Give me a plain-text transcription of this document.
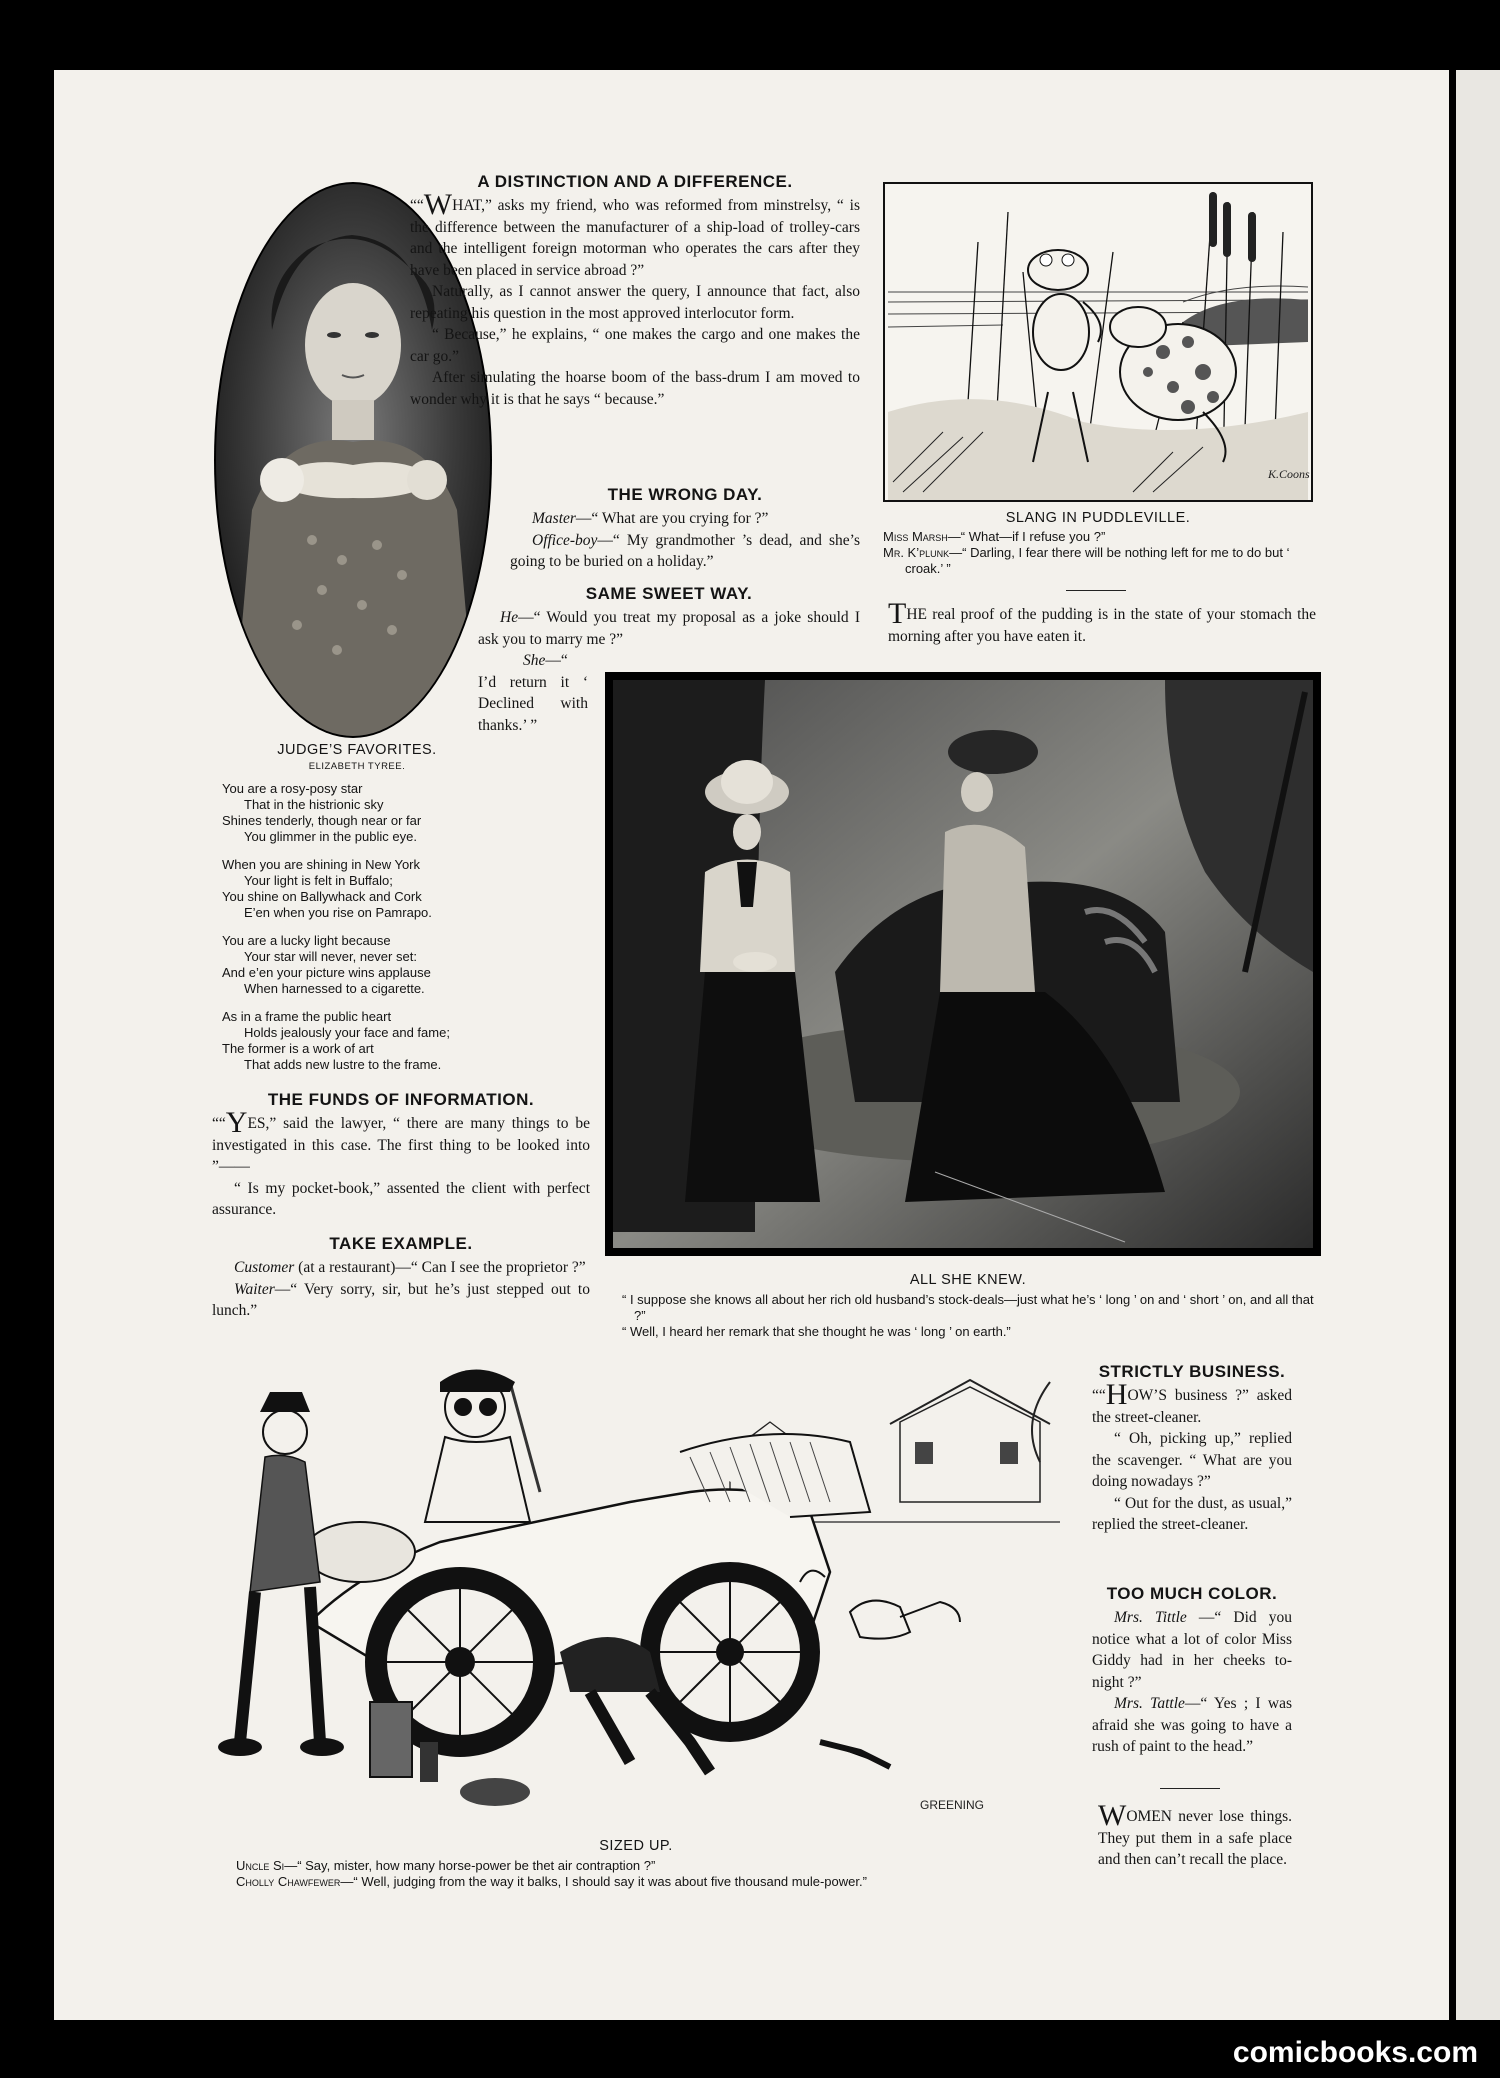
A DISTINCTION AND A DIFFERENCE.

““WHAT,” asks my friend, who was reformed from minstrelsy, “ is the difference between the manufacturer of a ship-load of trolley-cars and the intelligent foreign motorman who operates the cars after they have been placed in service abroad ?”

Naturally, as I cannot answer the query, I announce that fact, also repeating his question in the most approved interlocutor form.

“ Because,” he explains, “ one makes the cargo and one makes the car go.”

After simulating the hoarse boom of the bass-drum I am moved to wonder why it is that he says “ because.”

THE WRONG DAY.

Master—“ What are you crying for ?”

Office-boy—“ My grandmother ’s dead, and she’s going to be buried on a holiday.”

SAME SWEET WAY.

He—“ Would you treat my proposal as a joke should I ask you to marry me ?”

She—“ I’d return it ‘ Declined with thanks.’ ”

K.Coons
SLANG IN PUDDLEVILLE.
Miss Marsh—“ What—if I refuse you ?”
Mr. K’plunk—“ Darling, I fear there will be nothing left for me to do but ‘ croak.’ ”

THE real proof of the pudding is in the state of your stomach the morning after you have eaten it.

ALL SHE KNEW.
“ I suppose she knows all about her rich old husband’s stock-deals—just what he’s ‘ long ’ on and ‘ short ’ on, and all that ?”
“ Well, I heard her remark that she thought he was ‘ long ’ on earth.”
JUDGE’S FAVORITES.
ELIZABETH TYREE.
You are a rosy-posy star
That in the histrionic sky
Shines tenderly, though near or far
You glimmer in the public eye.
When you are shining in New York
Your light is felt in Buffalo;
You shine on Ballywhack and Cork
E’en when you rise on Pamrapo.
You are a lucky light because
Your star will never, never set:
And e’en your picture wins applause
When harnessed to a cigarette.
As in a frame the public heart
Holds jealously your face and fame;
The former is a work of art
That adds new lustre to the frame.
THE FUNDS OF INFORMATION.

““YES,” said the lawyer, “ there are many things to be investigated in this case. The first thing to be looked into ”——

“ Is my pocket-book,” assented the client with perfect assurance.

TAKE EXAMPLE.

Customer (at a restaurant)—“ Can I see the proprietor ?”

Waiter—“ Very sorry, sir, but he’s just stepped out to lunch.”

GREENING
SIZED UP.
Uncle Si—“ Say, mister, how many horse-power be thet air contraption ?”
Cholly Chawfewer—“ Well, judging from the way it balks, I should say it was about five thousand mule-power.”
STRICTLY BUSINESS.

““HOW’S business ?” asked the street-cleaner.

“ Oh, picking up,” replied the scavenger. “ What are you doing nowadays ?”

“ Out for the dust, as usual,” replied the street-cleaner.

TOO MUCH COLOR.

Mrs. Tittle —“ Did you notice what a lot of color Miss Giddy had in her cheeks to-night ?”

Mrs. Tattle—“ Yes ; I was afraid she was going to have a rush of paint to the head.”

WOMEN never lose things. They put them in a safe place and then can’t recall the place.

comicbooks.com
